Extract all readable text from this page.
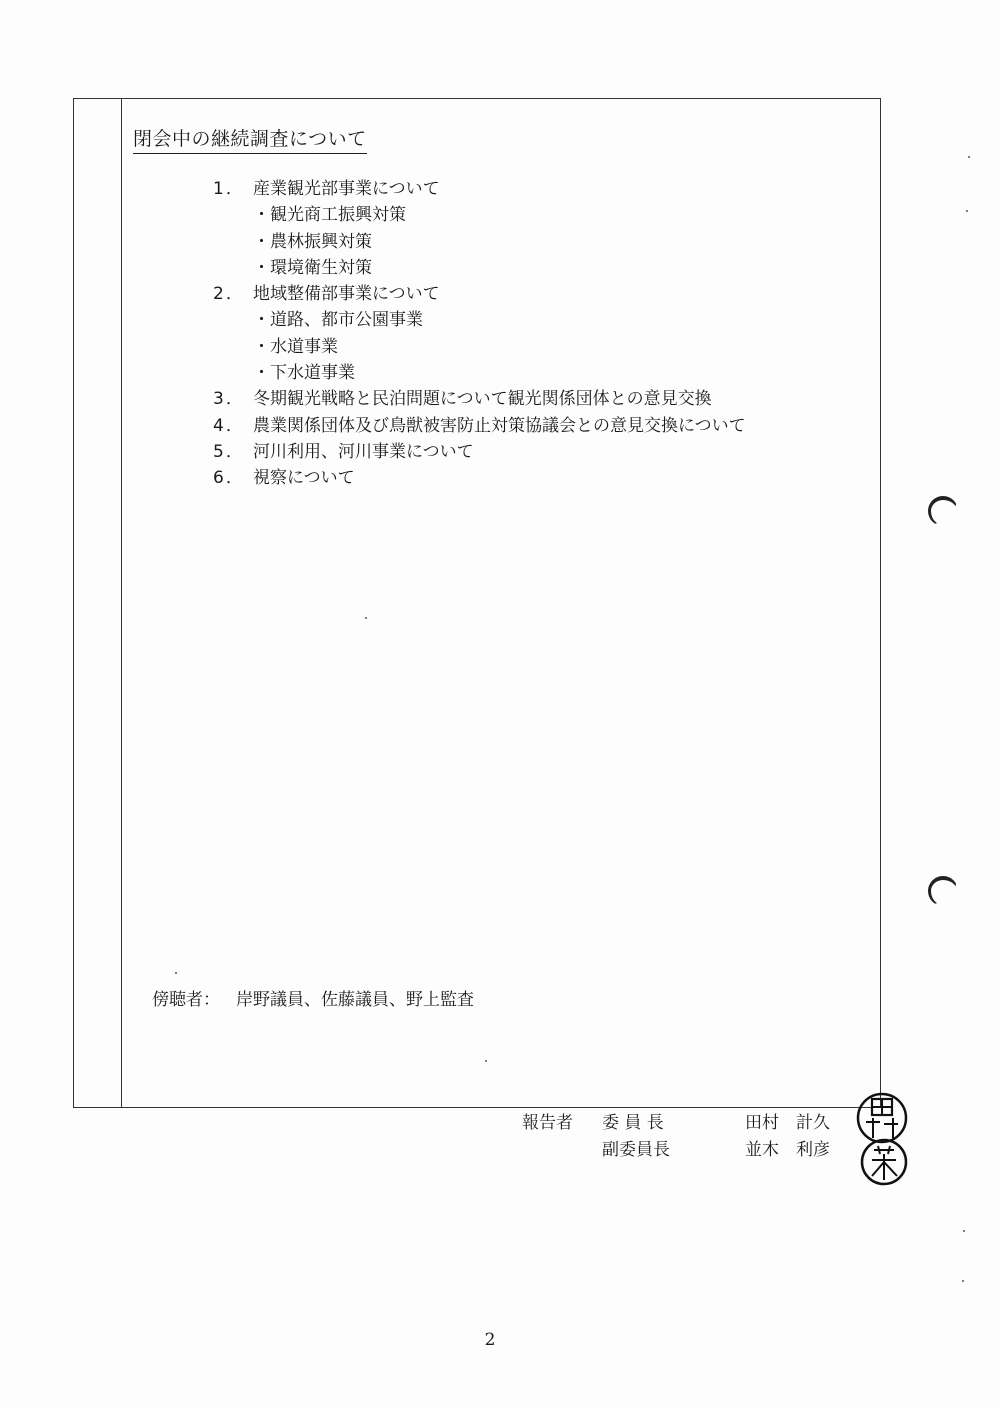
閉会中の継続調査について
1． 産業観光部事業について
・観光商工振興対策
・農林振興対策
・環境衛生対策
2． 地域整備部事業について
・道路、都市公園事業
・水道事業
・下水道事業
3． 冬期観光戦略と民泊問題について観光関係団体との意見交換
4． 農業関係団体及び鳥獣被害防止対策協議会との意見交換について
5． 河川利用、河川事業について
6． 視察について
傍聴者： 岸野議員、佐藤議員、野上監査
報告者 委 員 長	田村　計久
副委員長	並木　利彦
2
